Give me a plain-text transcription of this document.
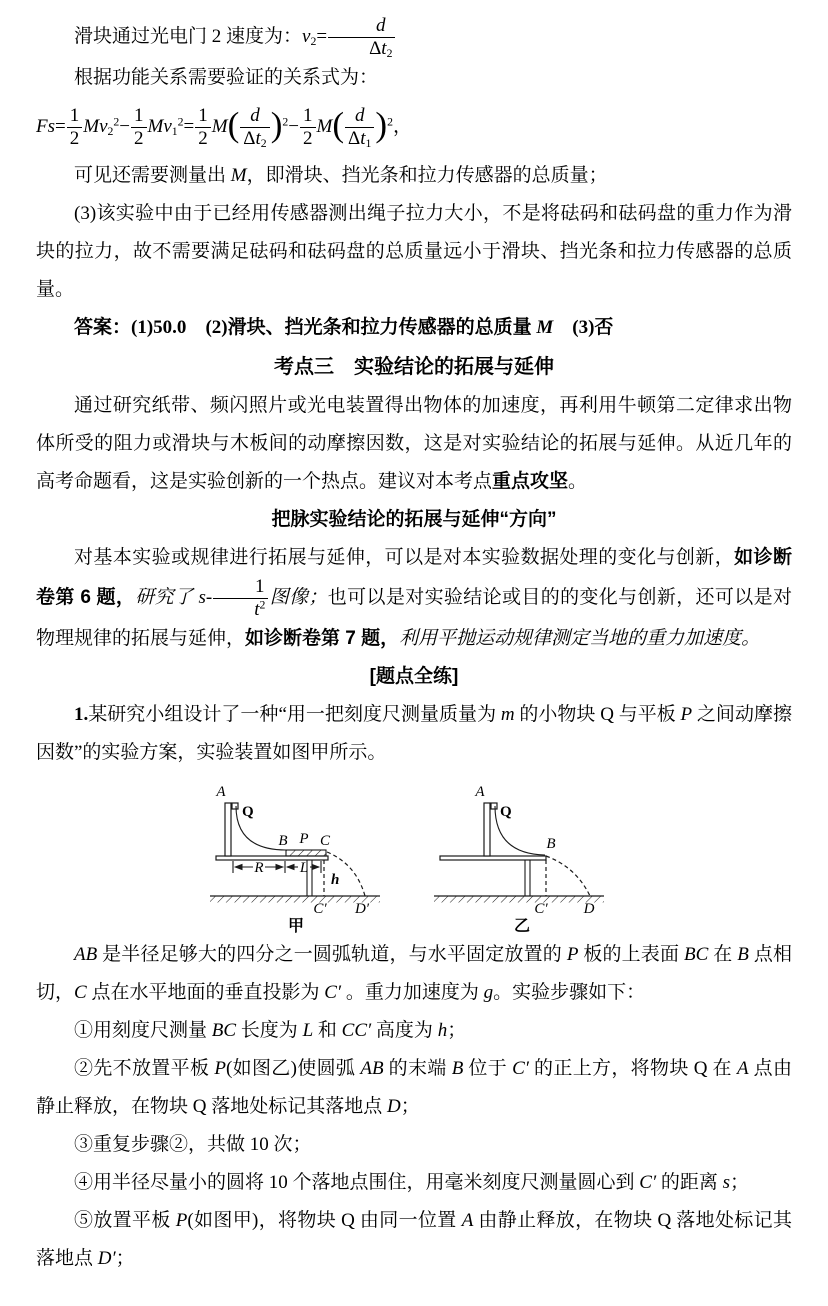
滑块通过光电门 2 速度为：$v_2= \frac{d}{\Delta t_2}$

根据功能关系需要验证的关系式为：

$Fs= \frac{1}{2} Mv_2^2- \frac{1}{2} Mv_1^2= \frac{1}{2} M( \frac{d}{\Delta t_2} )^2- \frac{1}{2} M( \frac{d}{\Delta t_1} )^2$，

可见还需要测量出 M，即滑块、挡光条和拉力传感器的总质量；

(3)该实验中由于已经用传感器测出绳子拉力大小，不是将砝码和砝码盘的重力作为滑块的拉力，故不需要满足砝码和砝码盘的总质量远小于滑块、挡光条和拉力传感器的总质量。

答案：(1)50.0　 (2)滑块、挡光条和拉力传感器的总质量 M　(3)否

考点三　实验结论的拓展与延伸

通过研究纸带、频闪照片或光电装置得出物体的加速度，再利用牛顿第二定律求出物体所受的阻力或滑块与木板间的动摩擦因数，这是对实验结论的拓展与延伸。从近几年的高考命题看，这是实验创新的一个热点。建议对本考点重点攻坚。

把脉实验结论的拓展与延伸“方向”

对基本实验或规律进行拓展与延伸，可以是对本实验数据处理的变化与创新，如诊断卷第 6 题，研究了 $s- \frac{1}{t^2}$ 图像；也可以是对实验结论或目的的变化与创新，还可以是对物理规律的拓展与延伸，如诊断卷第 7 题，利用平抛运动规律测定当地的重力加速度。

[题点全练]

1.某研究小组设计了一种“用一把刻度尺测量质量为 m 的小物块 Q 与平板 P 之间动摩擦因数”的实验方案，实验装置如图甲所示。

R L
A
Q
B P C
h
C′ D′
甲
A
Q
B
C′ D
乙

AB 是半径足够大的四分之一圆弧轨道，与水平固定放置的 P 板的上表面 BC 在 B 点相切，C 点在水平地面的垂直投影为 C′ 。重力加速度为 g。实验步骤如下：

①用刻度尺测量 BC 长度为 L 和 CC′ 高度为 h；

②先不放置平板 P(如图乙)使圆弧 AB 的末端 B 位于 C′ 的正上方，将物块 Q 在 A 点由静止释放，在物块 Q 落地处标记其落地点 D；

③重复步骤②，共做 10 次；

④用半径尽量小的圆将 10 个落地点围住，用毫米刻度尺测量圆心到 C′ 的距离 s；

⑤放置平板 P(如图甲)，将物块 Q 由同一位置 A 由静止释放，在物块 Q 落地处标记其落地点 D′；
